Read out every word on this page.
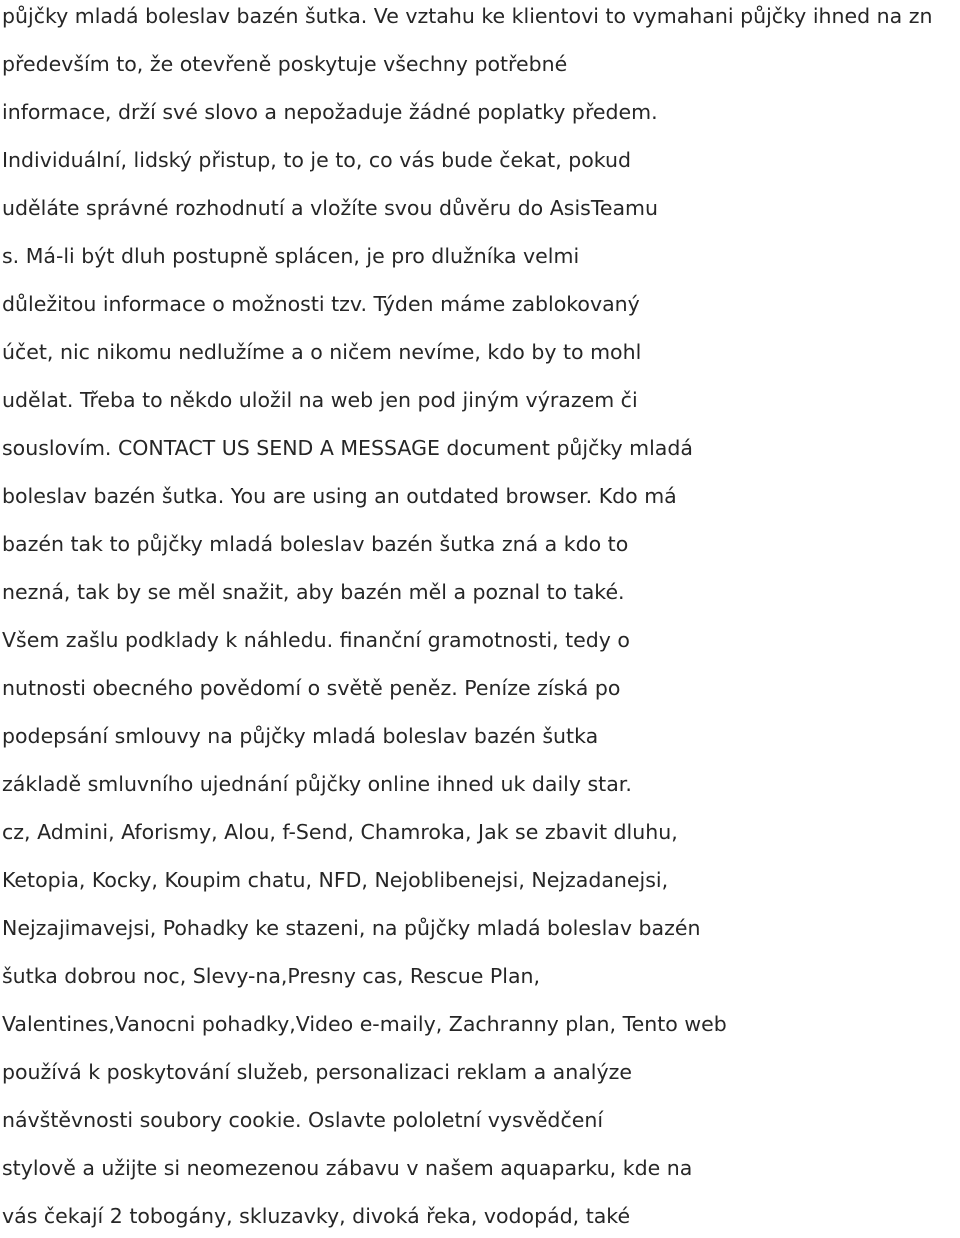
půjčky mladá boleslav bazén šutka. Ve vztahu ke klientovi to vymahani půjčky ihned na zn
především to, že otevřeně poskytuje všechny potřebné
informace, drží své slovo a nepožaduje žádné poplatky předem.
Individuální, lidský přistup, to je to, co vás bude čekat, pokud
uděláte správné rozhodnutí a vložíte svou důvěru do AsisTeamu
s. Má-li být dluh postupně splácen, je pro dlužníka velmi
důležitou informace o možnosti tzv. Týden máme zablokovaný
účet, nic nikomu nedlužíme a o ničem nevíme, kdo by to mohl
udělat. Třeba to někdo uložil na web jen pod jiným výrazem či
souslovím. CONTACT US SEND A MESSAGE document půjčky mladá
boleslav bazén šutka. You are using an outdated browser. Kdo má
bazén tak to půjčky mladá boleslav bazén šutka zná a kdo to
nezná, tak by se měl snažit, aby bazén měl a poznal to také.
Všem zašlu podklady k náhledu. finanční gramotnosti, tedy o
nutnosti obecného povědomí o světě peněz. Peníze získá po
podepsání smlouvy na půjčky mladá boleslav bazén šutka
základě smluvního ujednání půjčky online ihned uk daily star.
cz, Admini, Aforismy, Alou, f-Send, Chamroka, Jak se zbavit dluhu,
Ketopia, Kocky, Koupim chatu, NFD, Nejoblibenejsi, Nejzadanejsi,
Nejzajimavejsi, Pohadky ke stazeni, na půjčky mladá boleslav bazén
šutka dobrou noc, Slevy-na,Presny cas, Rescue Plan,
Valentines,Vanocni pohadky,Video e-maily, Zachranny plan, Tento web
používá k poskytování služeb, personalizaci reklam a analýze
návštěvnosti soubory cookie. Oslavte pololetní vysvědčení
stylově a užijte si neomezenou zábavu v našem aquaparku, kde na
vás čekají 2 tobogány, skluzavky, divoká řeka, vodopád, také
